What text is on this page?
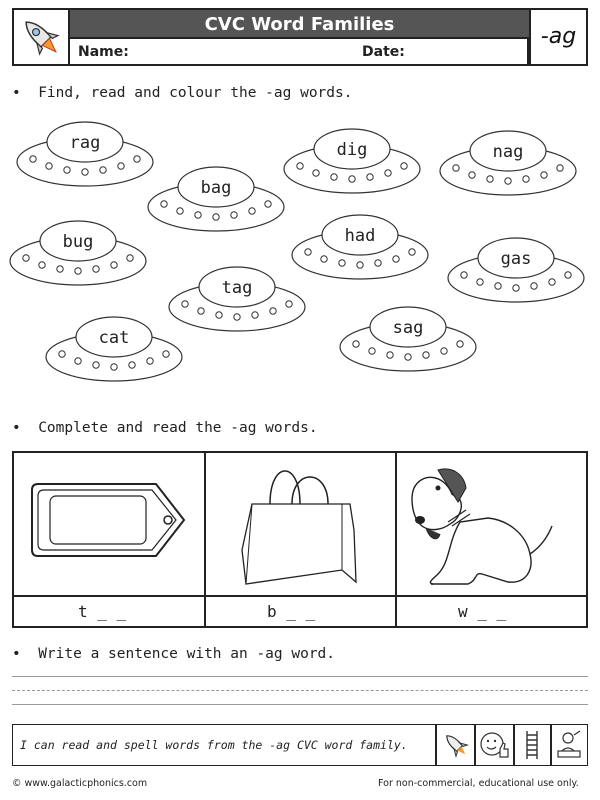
CVC Word Families
Name:	Date:
-ag
•  Find, read and colour the -ag words.
rag	dig	nag
bag
had
bug
gas
tag
cat	sag
•  Complete and read the -ag words.
t _ _	b _ _	w _ _
•  Write a sentence with an -ag word.
I can read and spell words from the -ag CVC word family.
© www.galacticphonics.com	For non-commercial, educational use only.
